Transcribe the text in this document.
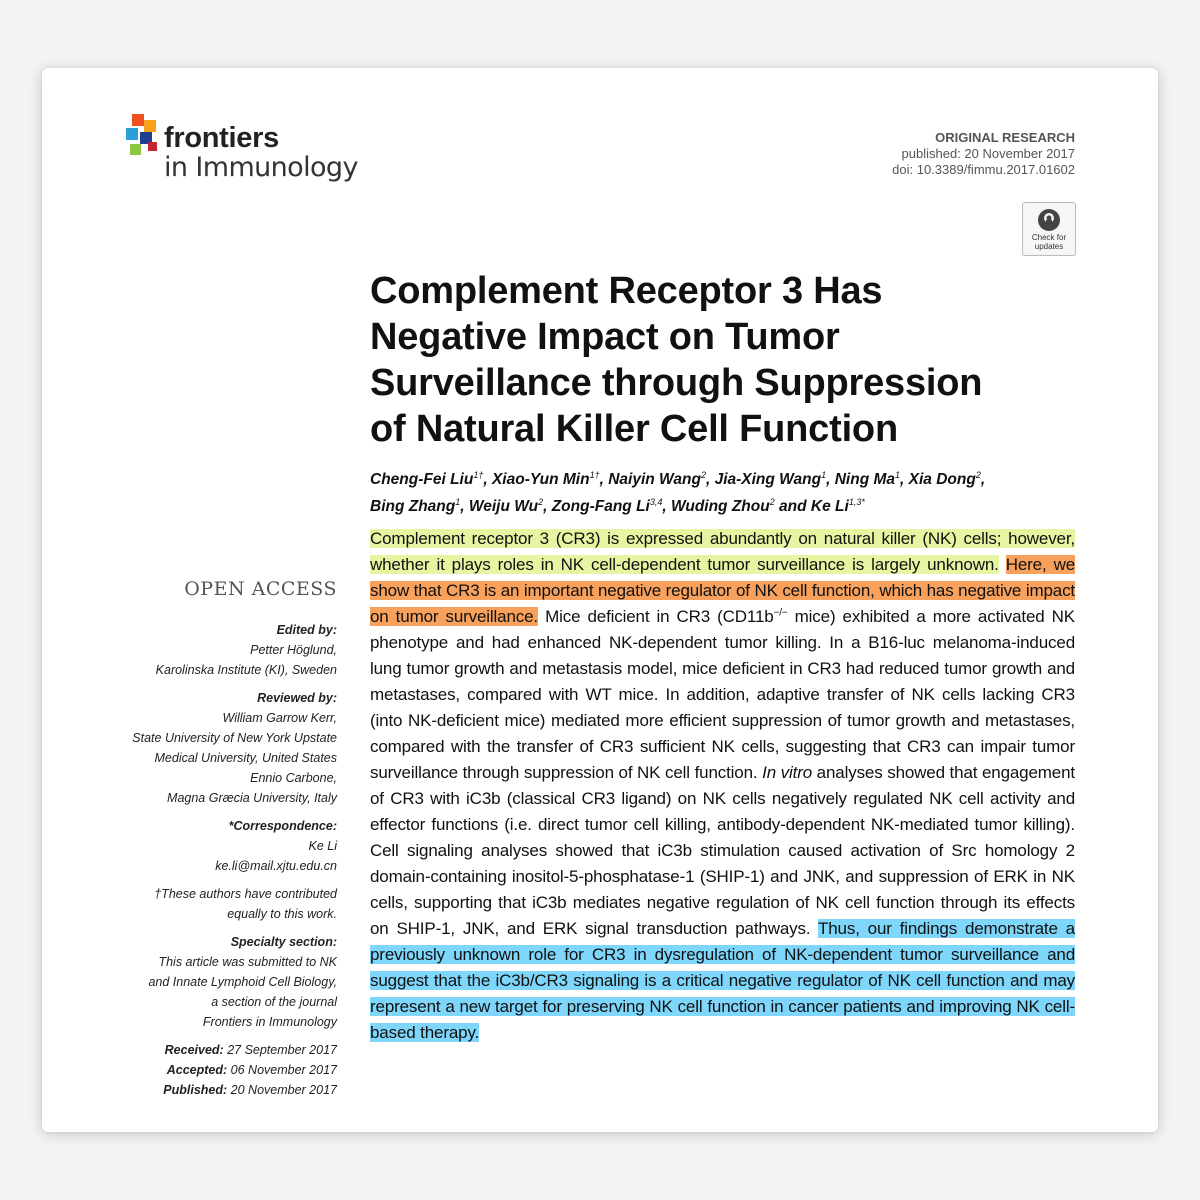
frontiers
in Immunology
ORIGINAL RESEARCH
published: 20 November 2017
doi: 10.3389/fimmu.2017.01602
Check for
updates
Complement Receptor 3 Has
Negative Impact on Tumor
Surveillance through Suppression
of Natural Killer Cell Function
Cheng-Fei Liu$^{1\dagger}$, Xiao-Yun Min$^{1\dagger}$, Naiyin Wang$^2$, Jia-Xing Wang$^1$, Ning Ma$^1$, Xia Dong$^2$,
Bing Zhang$^1$, Weiju Wu$^2$, Zong-Fang Li$^{3,4}$, Wuding Zhou$^2$ and Ke $Li^{1,3*}$
Complement receptor 3 (CR3) is expressed abundantly on natural killer (NK) cells; however, whether it plays roles in NK cell-dependent tumor surveillance is largely unknown. Here, we show that CR3 is an important negative regulator of NK cell function, which has negative impact on tumor surveillance. Mice deficient in CR3 (CD11b−/− mice) exhibited a more activated NK phenotype and had enhanced NK-dependent tumor killing. In a B16-luc melanoma-induced lung tumor growth and metastasis model, mice deficient in CR3 had reduced tumor growth and metastases, compared with WT mice. In addition, adaptive transfer of NK cells lacking CR3 (into NK-deficient mice) mediated more efficient suppression of tumor growth and metastases, compared with the transfer of CR3 sufficient NK cells, suggesting that CR3 can impair tumor surveillance through suppression of NK cell function. In vitro analyses showed that engagement of CR3 with iC3b (classical CR3 ligand) on NK cells negatively regulated NK cell activity and effector functions (i.e. direct tumor cell killing, antibody-dependent NK-mediated tumor killing). Cell signaling analyses showed that iC3b stimulation caused activation of Src homology 2 domain-containing inositol-5-phosphatase-1 (SHIP-1) and JNK, and suppression of ERK in NK cells, supporting that iC3b mediates negative regulation of NK cell function through its effects on SHIP-1, JNK, and ERK signal transduction pathways. Thus, our findings demonstrate a previously unknown role for CR3 in dysregulation of NK-dependent tumor surveillance and suggest that the iC3b/CR3 signaling is a critical negative regulator of NK cell function and may represent a new target for preserving NK cell function in cancer patients and improving NK cell-based therapy.
OPEN ACCESS
Edited by:
Petter Höglund,
Karolinska Institute (KI), Sweden
Reviewed by:
William Garrow Kerr,
State University of New York Upstate
Medical University, United States
Ennio Carbone,
Magna Græcia University, Italy
*Correspondence:
Ke Li
ke.li@mail.xjtu.edu.cn
†These authors have contributed
equally to this work.
Specialty section:
This article was submitted to NK
and Innate Lymphoid Cell Biology,
a section of the journal
Frontiers in Immunology
Received: 27 September 2017
Accepted: 06 November 2017
Published: 20 November 2017
